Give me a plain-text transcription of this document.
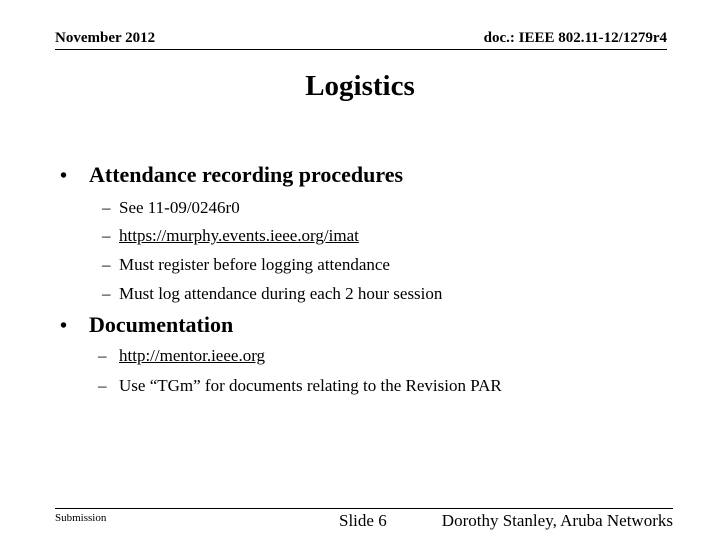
November 2012	doc.: IEEE 802.11-12/1279r4
Logistics
• Attendance recording procedures
– See 11-09/0246r0
– https://murphy.events.ieee.org/imat
– Must register before logging attendance
– Must log attendance during each 2 hour session
• Documentation
– http://mentor.ieee.org
– Use “TGm” for documents relating to the Revision PAR
Submission	Slide 6	Dorothy Stanley, Aruba Networks
